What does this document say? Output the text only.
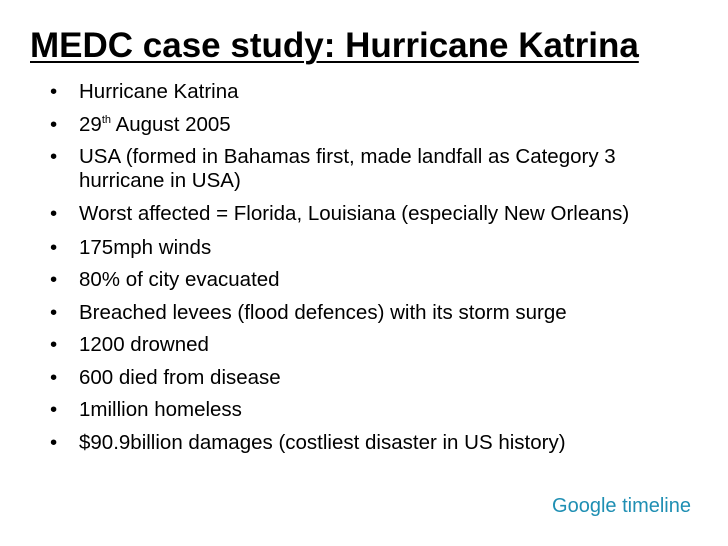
MEDC case study: Hurricane Katrina
• Hurricane Katrina
• 29th August 2005
• USA (formed in Bahamas first, made landfall as Category 3 hurricane in USA)
• Worst affected = Florida, Louisiana (especially New Orleans)
• 175mph winds
• 80% of city evacuated
• Breached levees (flood defences) with its storm surge
• 1200 drowned
• 600 died from disease
• 1million homeless
• $90.9billion damages (costliest disaster in US history)
Google timeline
